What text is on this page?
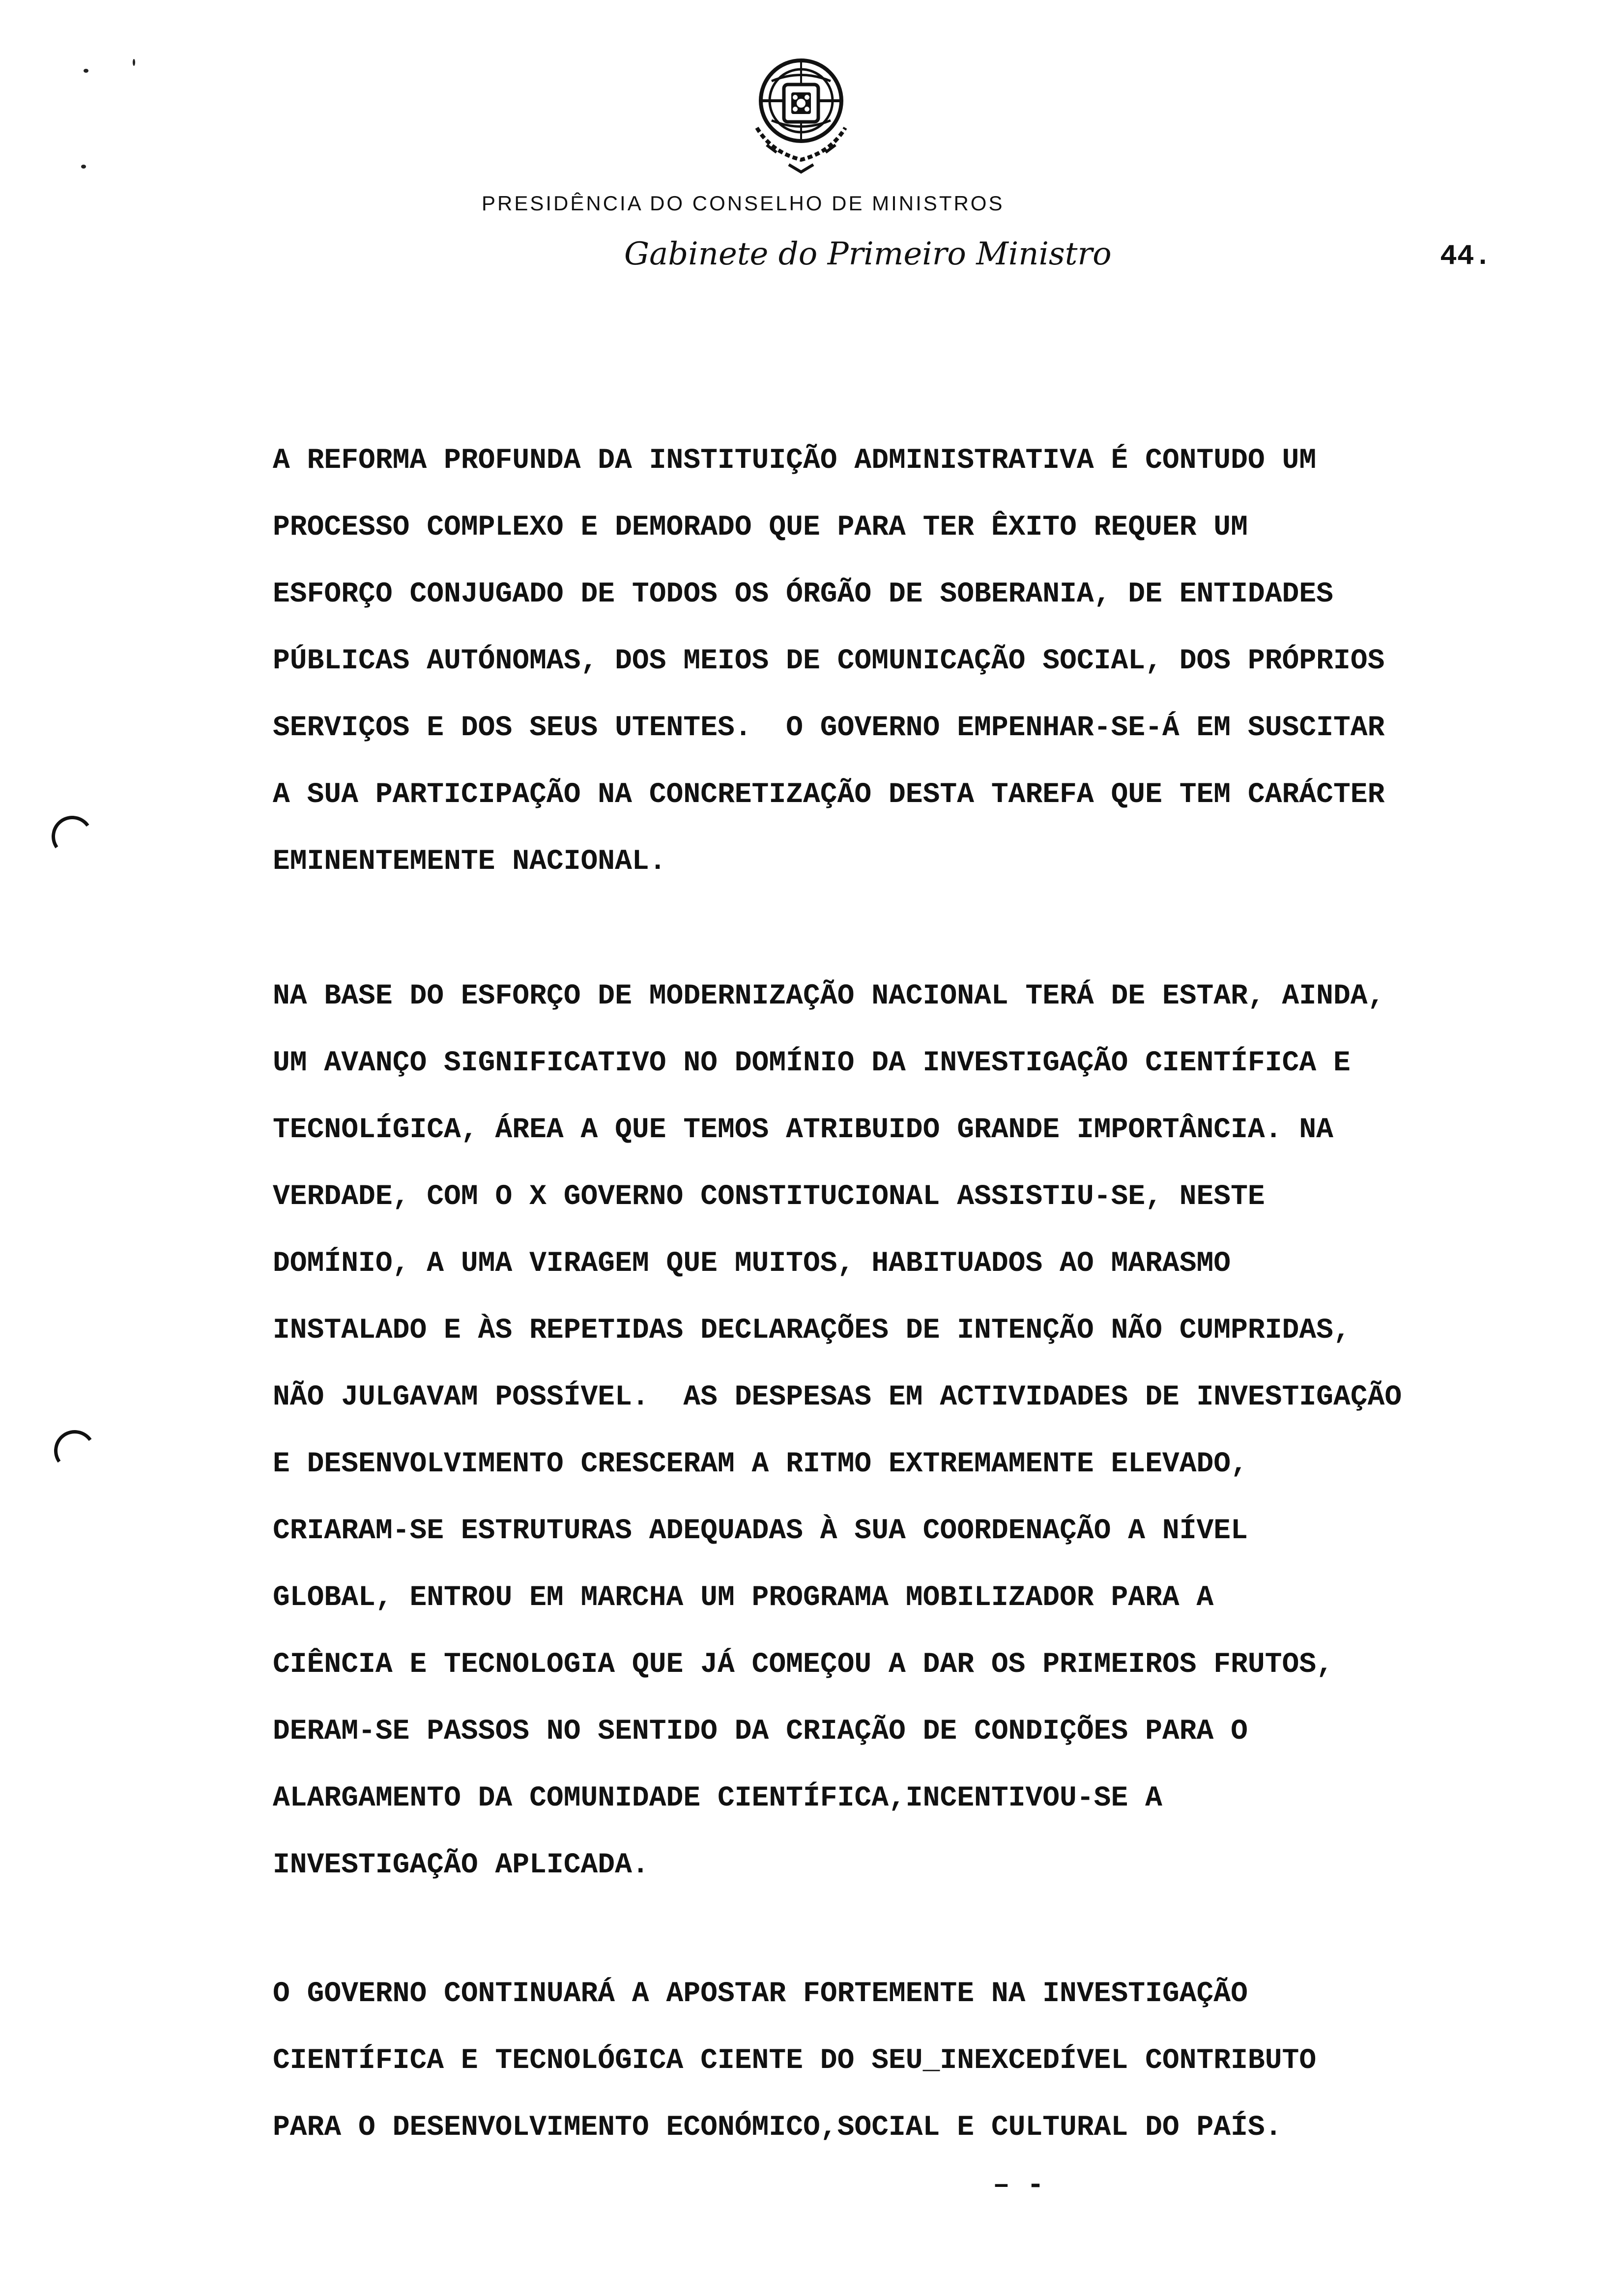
PRESIDÊNCIA DO CONSELHO DE MINISTROS
Gabinete do Primeiro Ministro	44.
A REFORMA PROFUNDA DA INSTITUIÇÃO ADMINISTRATIVA É CONTUDO UM
PROCESSO COMPLEXO E DEMORADO QUE PARA TER ÊXITO REQUER UM
ESFORÇO CONJUGADO DE TODOS OS ÓRGÃO DE SOBERANIA, DE ENTIDADES
PÚBLICAS AUTÓNOMAS, DOS MEIOS DE COMUNICAÇÃO SOCIAL, DOS PRÓPRIOS
SERVIÇOS E DOS SEUS UTENTES.  O GOVERNO EMPENHAR-SE-Á EM SUSCITAR
A SUA PARTICIPAÇÃO NA CONCRETIZAÇÃO DESTA TAREFA QUE TEM CARÁCTER
EMINENTEMENTE NACIONAL.
NA BASE DO ESFORÇO DE MODERNIZAÇÃO NACIONAL TERÁ DE ESTAR, AINDA,
UM AVANÇO SIGNIFICATIVO NO DOMÍNIO DA INVESTIGAÇÃO CIENTÍFICA E
TECNOLÍGICA, ÁREA A QUE TEMOS ATRIBUIDO GRANDE IMPORTÂNCIA. NA
VERDADE, COM O X GOVERNO CONSTITUCIONAL ASSISTIU-SE, NESTE
DOMÍNIO, A UMA VIRAGEM QUE MUITOS, HABITUADOS AO MARASMO
INSTALADO E ÀS REPETIDAS DECLARAÇÕES DE INTENÇÃO NÃO CUMPRIDAS,
NÃO JULGAVAM POSSÍVEL.  AS DESPESAS EM ACTIVIDADES DE INVESTIGAÇÃO
E DESENVOLVIMENTO CRESCERAM A RITMO EXTREMAMENTE ELEVADO,
CRIARAM-SE ESTRUTURAS ADEQUADAS À SUA COORDENAÇÃO A NÍVEL
GLOBAL, ENTROU EM MARCHA UM PROGRAMA MOBILIZADOR PARA A
CIÊNCIA E TECNOLOGIA QUE JÁ COMEÇOU A DAR OS PRIMEIROS FRUTOS,
DERAM-SE PASSOS NO SENTIDO DA CRIAÇÃO DE CONDIÇÕES PARA O
ALARGAMENTO DA COMUNIDADE CIENTÍFICA,INCENTIVOU-SE A
INVESTIGAÇÃO APLICADA.
O GOVERNO CONTINUARÁ A APOSTAR FORTEMENTE NA INVESTIGAÇÃO
CIENTÍFICA E TECNOLÓGICA CIENTE DO SEU_INEXCEDÍVEL CONTRIBUTO
PARA O DESENVOLVIMENTO ECONÓMICO,SOCIAL E CULTURAL DO PAÍS.
– -
